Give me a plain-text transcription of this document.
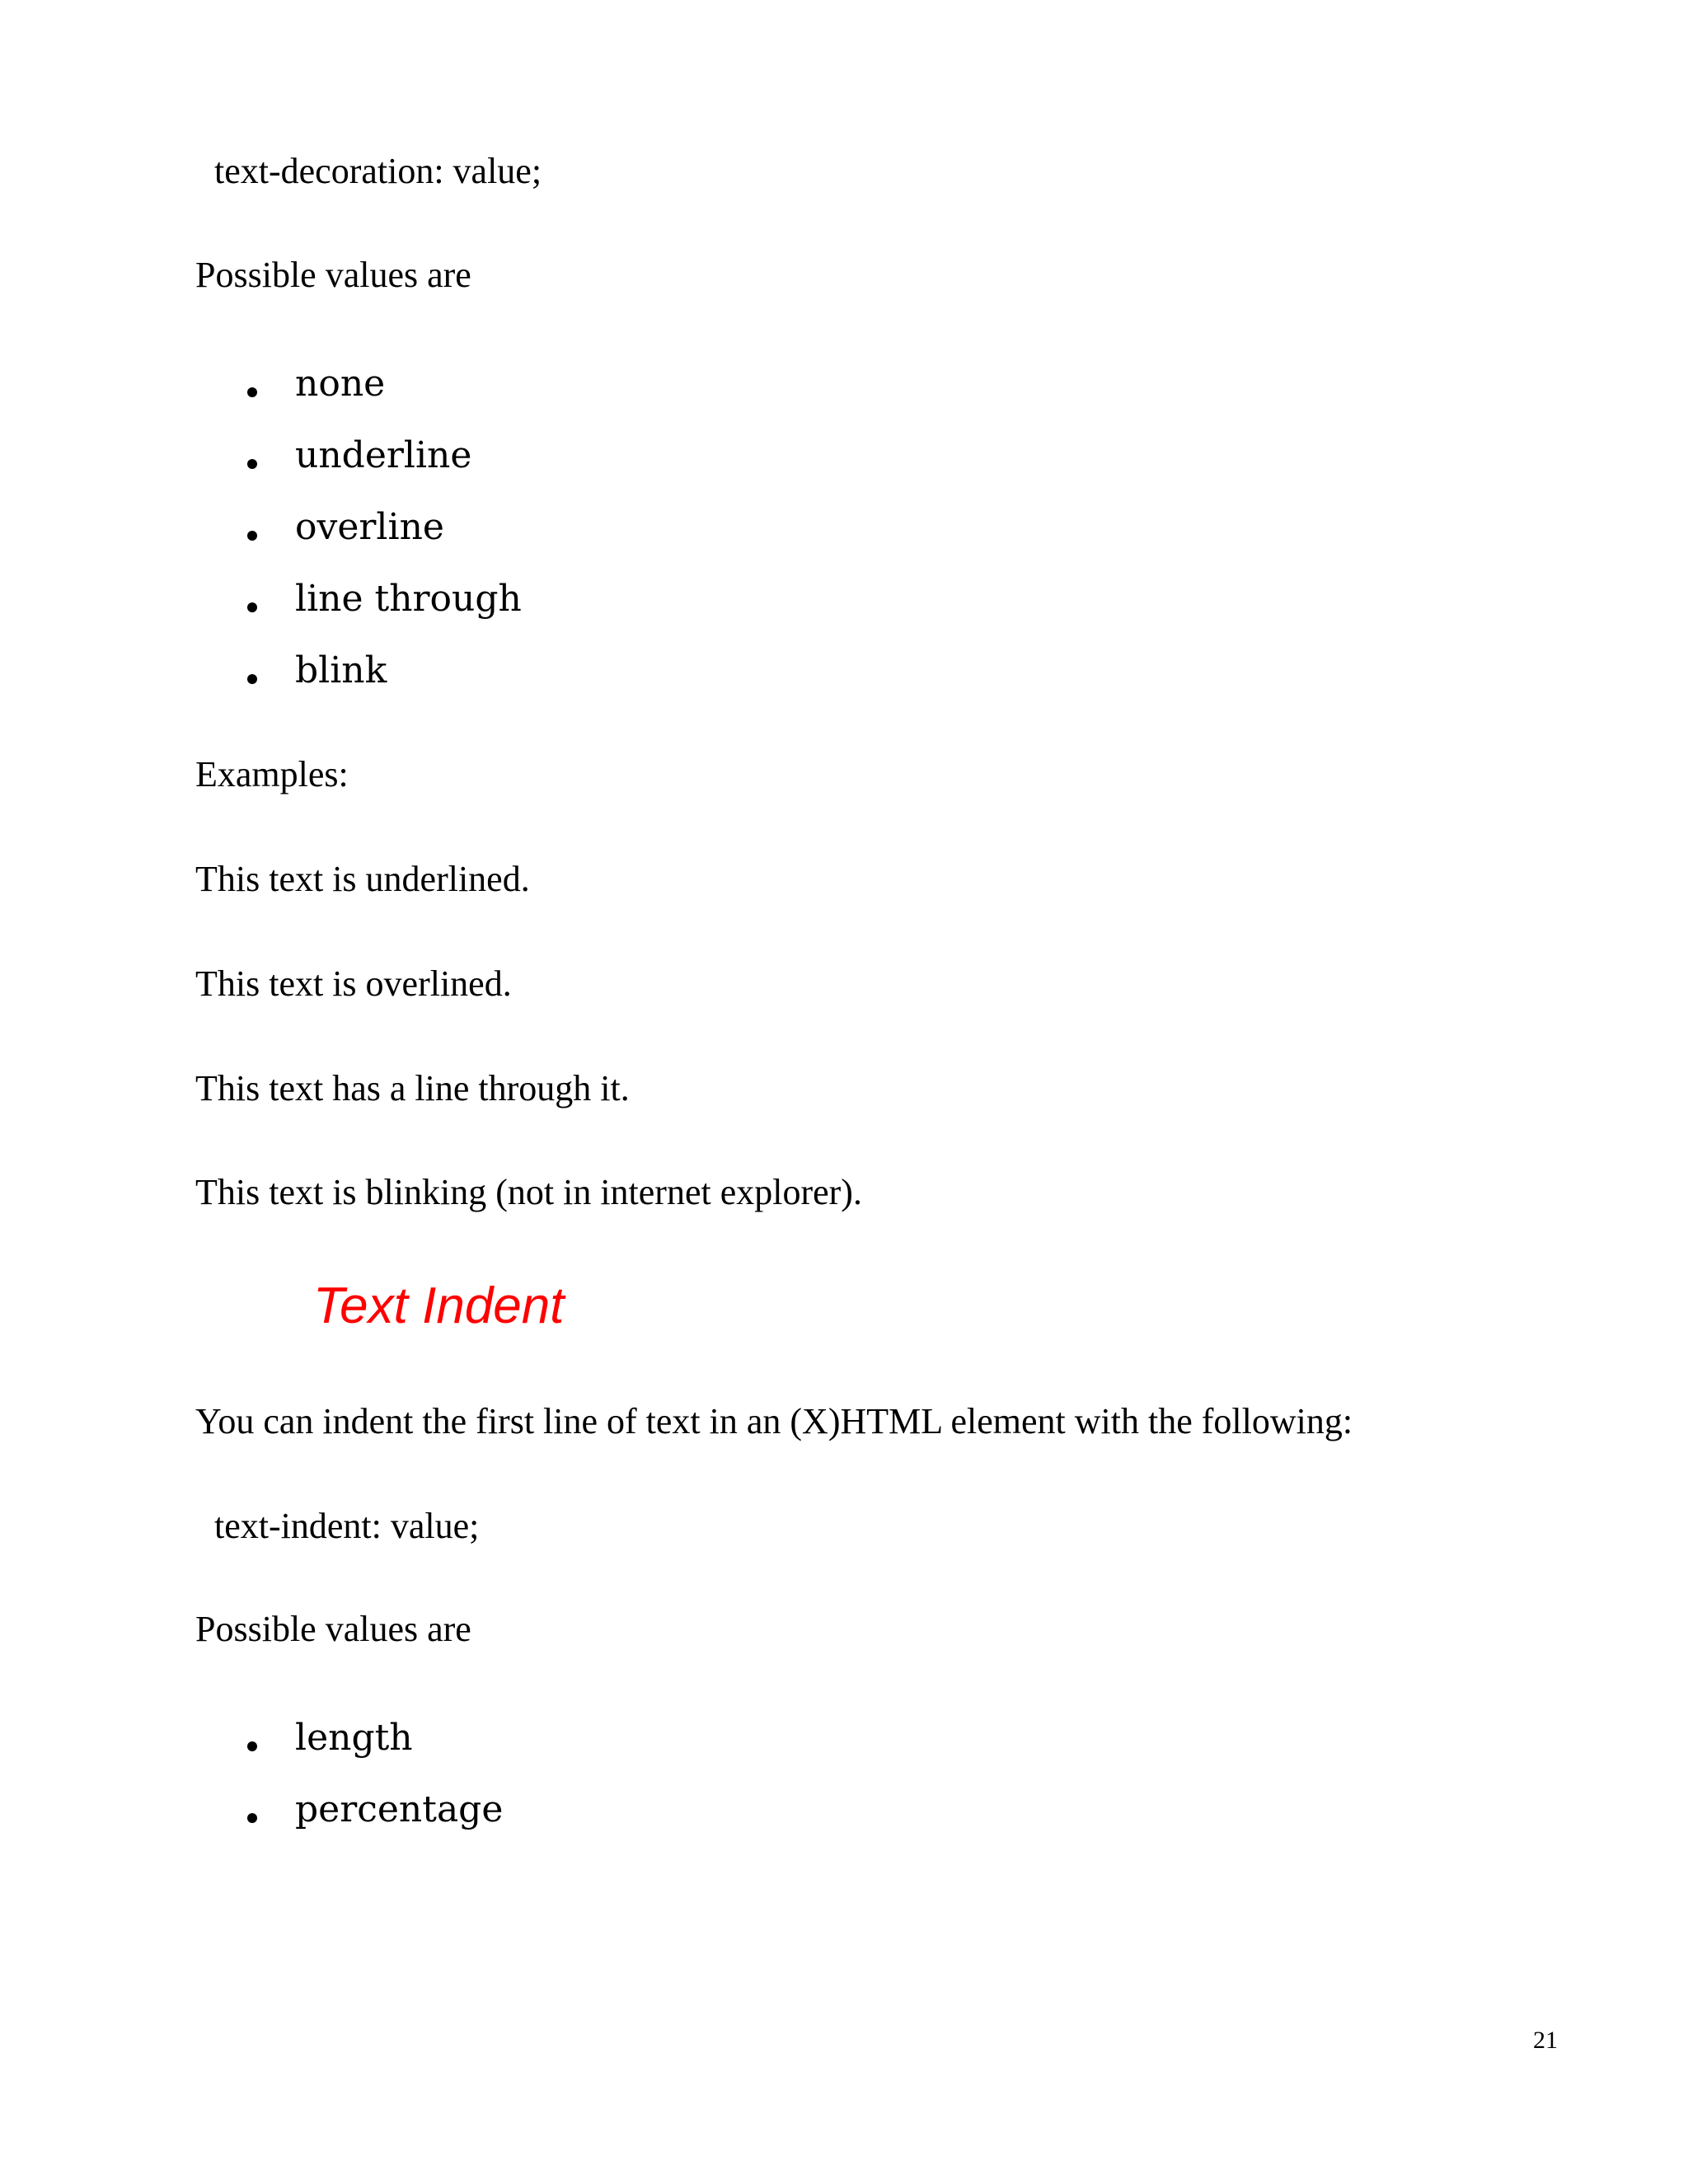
text-decoration: value;

Possible values are

none
underline
overline
line through
blink

Examples:

This text is underlined.

This text is overlined.

This text has a line through it.

This text is blinking (not in internet explorer).

Text Indent

You can indent the first line of text in an (X)HTML element with the following:

text-indent: value;

Possible values are

length
percentage
21
